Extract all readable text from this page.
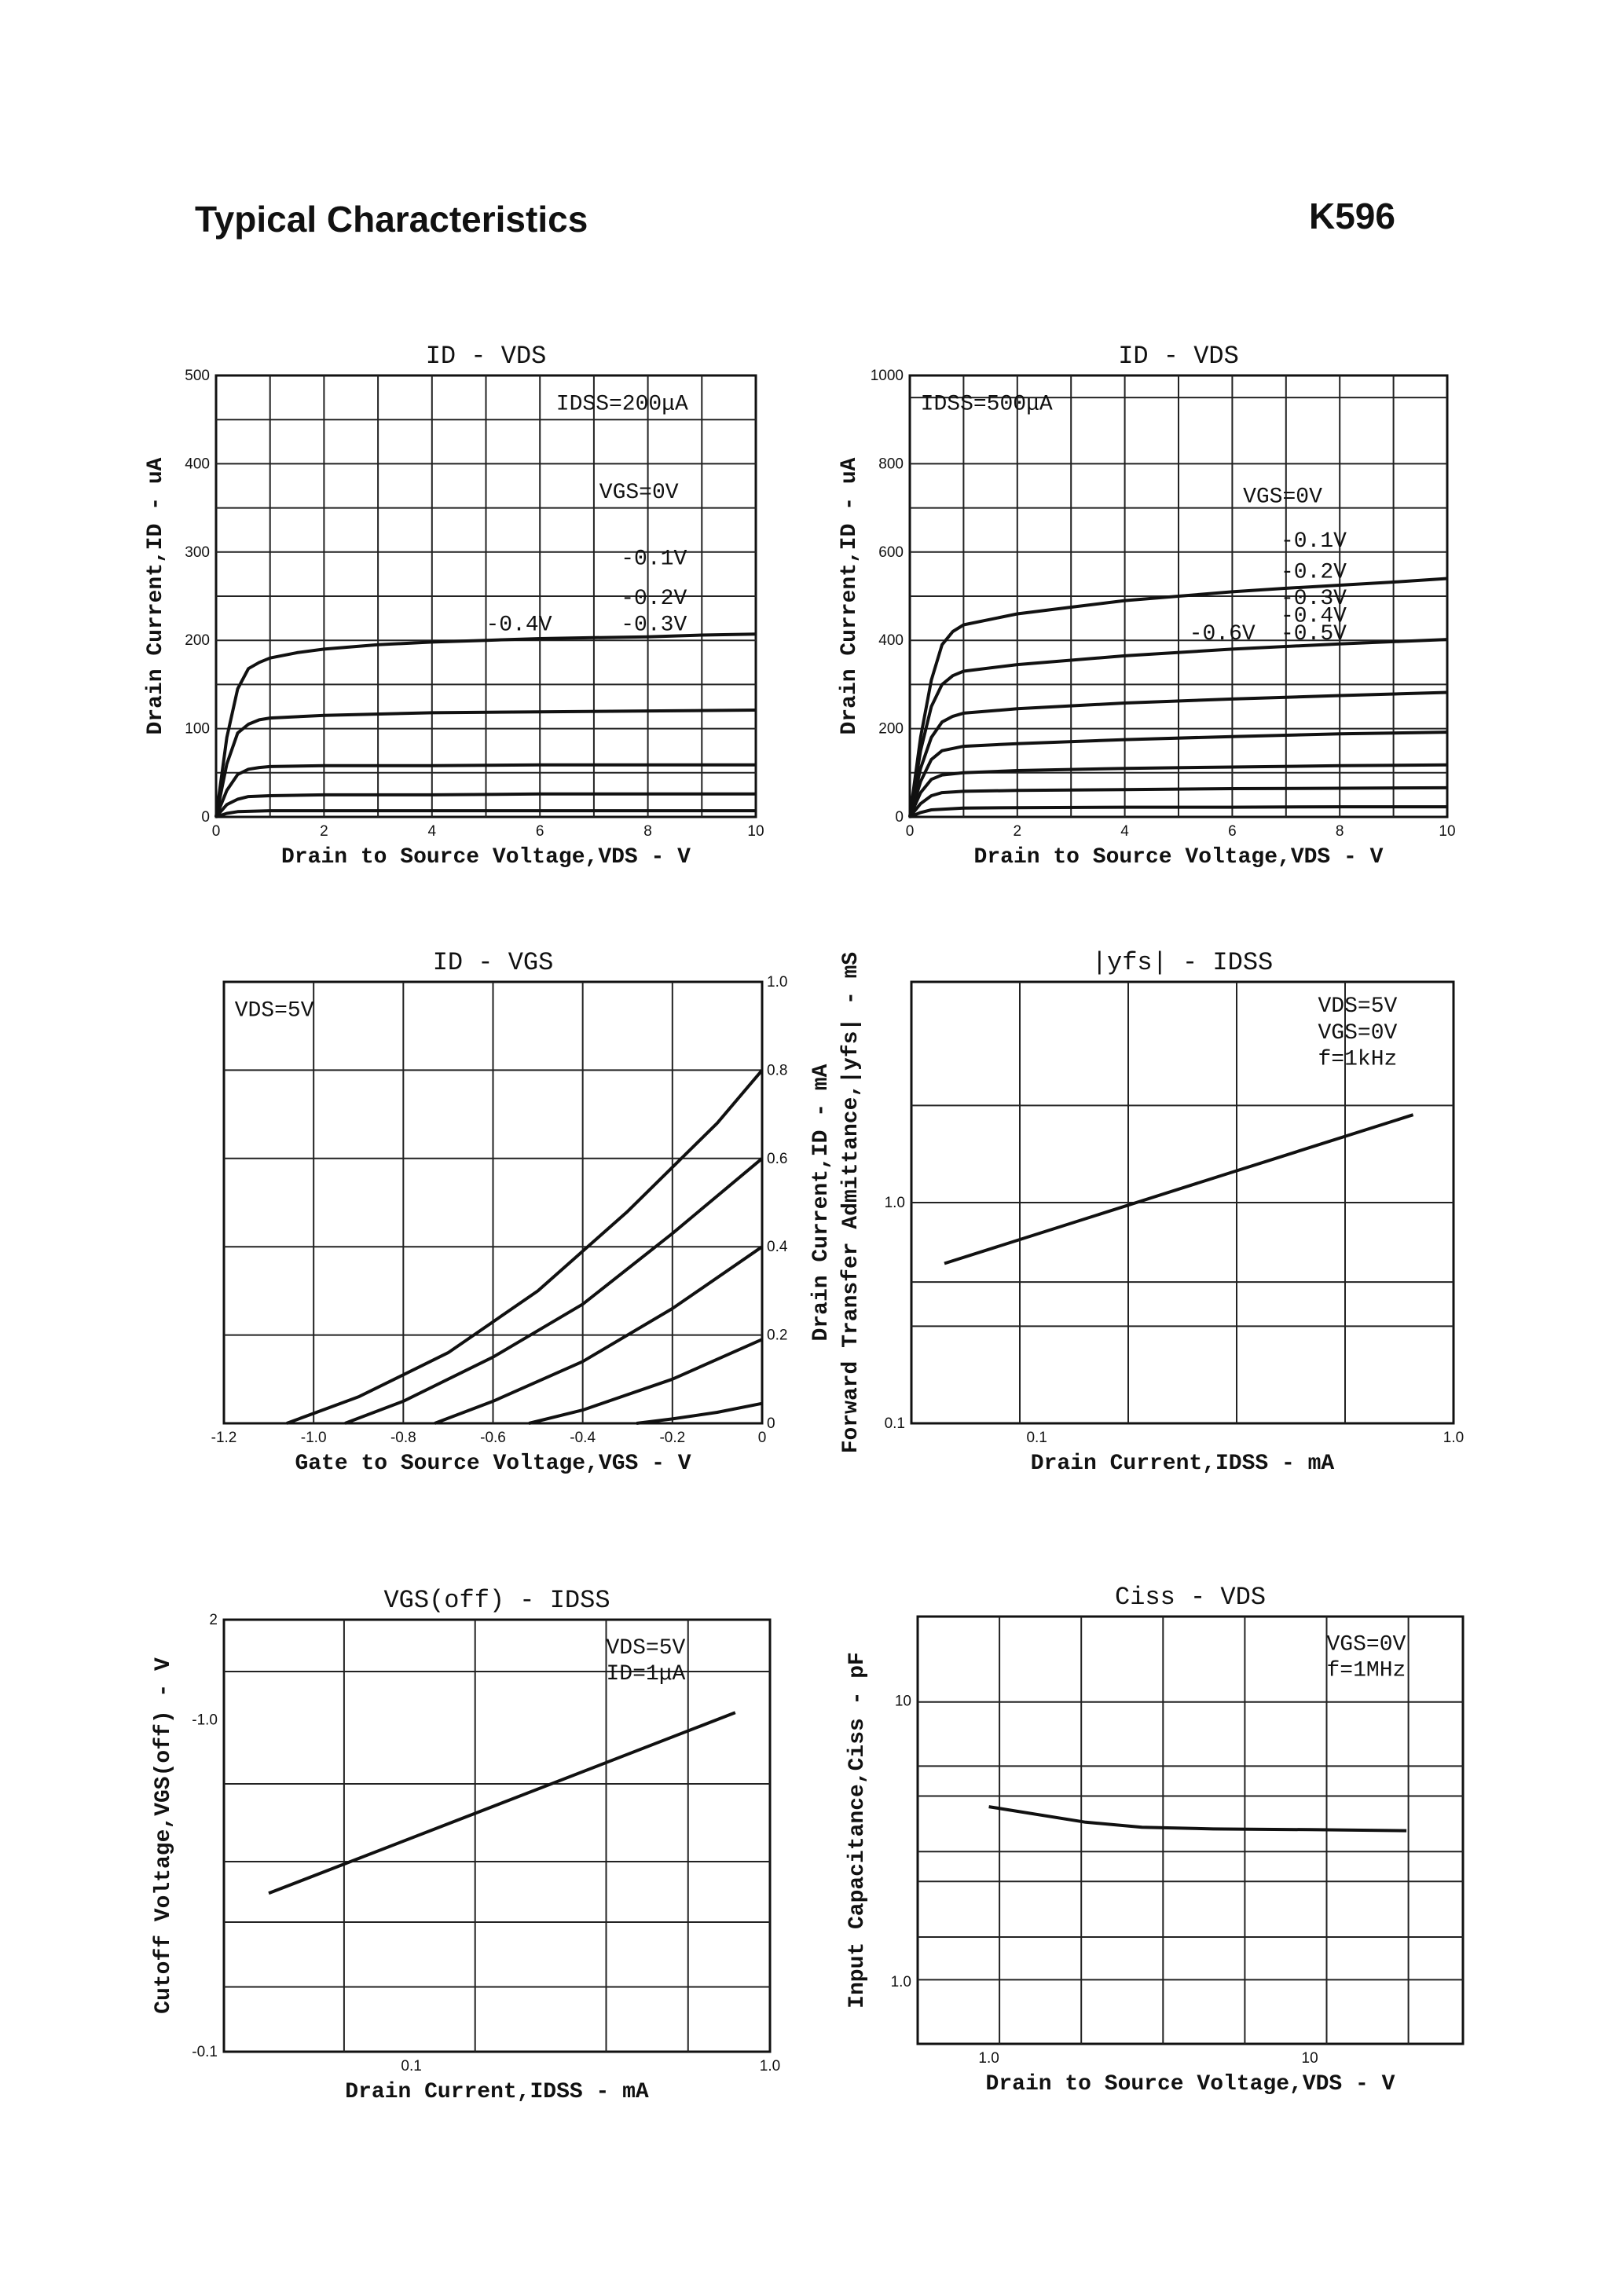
Typical Characteristics	K596
ID - VDS
Drain to Source Voltage,VDS - V
Drain Current,ID - uA
0	2	4	6	8	10
0
100
200
300
400
500
IDSS=200μA
VGS=0V
-0.1V
-0.2V
-0.3V
-0.4V
ID - VDS
Drain to Source Voltage,VDS - V
Drain Current,ID - uA
0	2	4	6	8	10
0
200
400
600
800
1000
IDSS=500μA
VGS=0V
-0.1V
-0.2V
-0.3V
-0.4V
-0.5V
-0.6V
ID - VGS
Gate to Source Voltage,VGS - V
Drain Current,ID - mA
-1.2	-1.0	-0.8	-0.6	-0.4	-0.2	0
0
0.2
0.4
0.6
0.8
1.0
VDS=5V
|yfs| - IDSS
Drain Current,IDSS - mA
Forward Transfer Admittance,|yfs| - mS	0.1	1.0
0.1
1.0
VDS=5V
VGS=0V
f=1kHz
VGS(off) - IDSS
Drain Current,IDSS - mA
Cutoff Voltage,VGS(off) - V
0.1	1.0
-0.1
-1.0
2
VDS=5V
ID=1μA
Ciss - VDS
Drain to Source Voltage,VDS - V
Input Capacitance,Ciss - pF
1.0	10
1.0
10
VGS=0V
f=1MHz
